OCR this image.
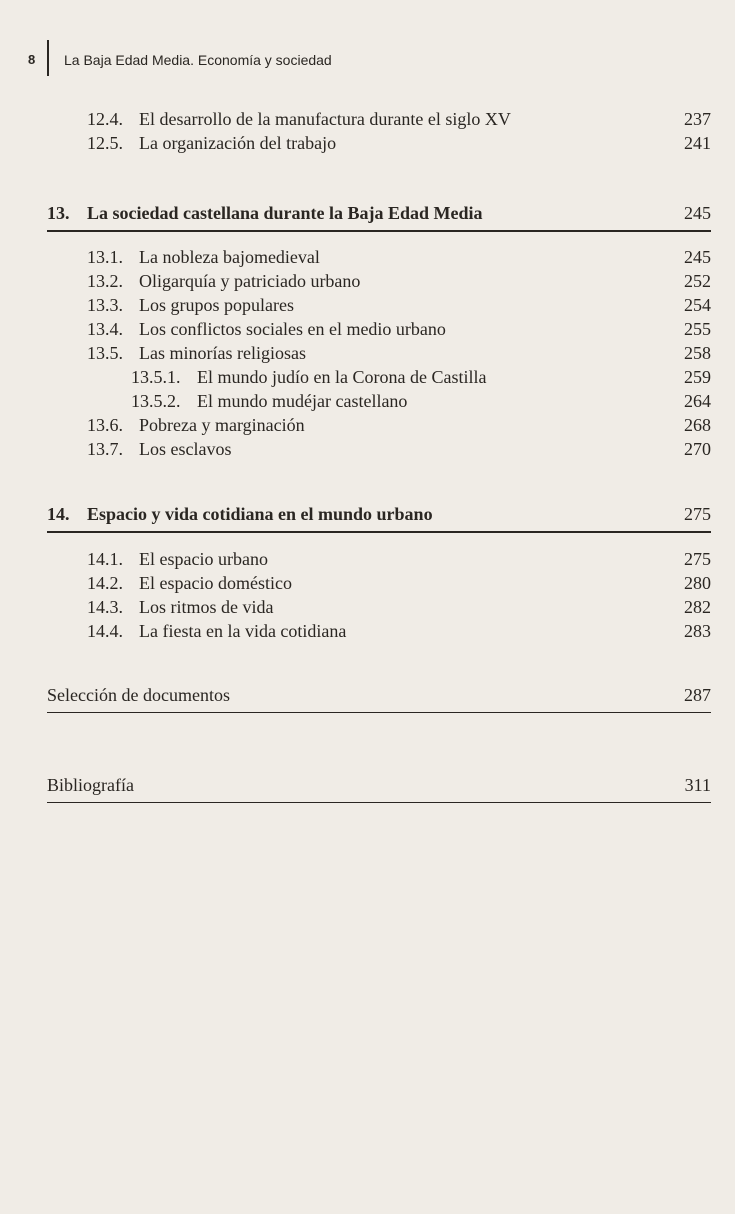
8 La Baja Edad Media. Economía y sociedad
12.4. El desarrollo de la manufactura durante el siglo XV	237
12.5. La organización del trabajo	241
13. La sociedad castellana durante la Baja Edad Media	245
13.1. La nobleza bajomedieval	245
13.2. Oligarquía y patriciado urbano	252
13.3. Los grupos populares	254
13.4. Los conflictos sociales en el medio urbano	255
13.5. Las minorías religiosas	258
13.5.1. El mundo judío en la Corona de Castilla	259
13.5.2. El mundo mudéjar castellano	264
13.6. Pobreza y marginación	268
13.7. Los esclavos	270
14. Espacio y vida cotidiana en el mundo urbano	275
14.1. El espacio urbano	275
14.2. El espacio doméstico	280
14.3. Los ritmos de vida	282
14.4. La fiesta en la vida cotidiana	283
Selección de documentos	287
Bibliografía	311
